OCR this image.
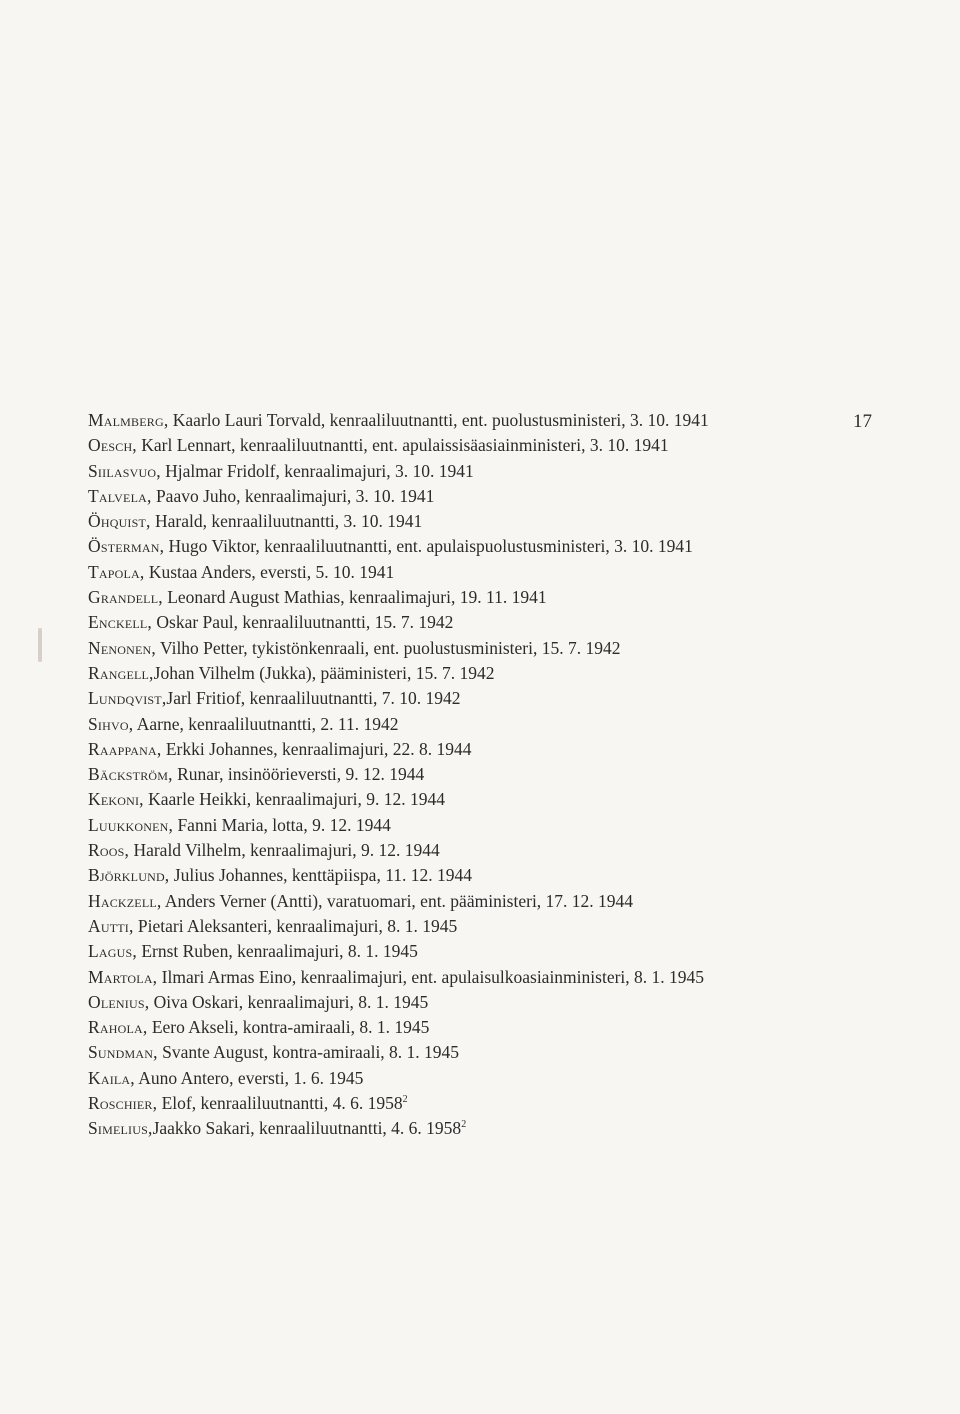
17

Malmberg, Kaarlo Lauri Torvald, kenraaliluutnantti, ent. puolustusministeri, 3. 10. 1941

Oesch, Karl Lennart, kenraaliluutnantti, ent. apulaissisäasiainministeri, 3. 10. 1941

Siilasvuo, Hjalmar Fridolf, kenraalimajuri, 3. 10. 1941

Talvela, Paavo Juho, kenraalimajuri, 3. 10. 1941

Öhquist, Harald, kenraaliluutnantti, 3. 10. 1941

Österman, Hugo Viktor, kenraaliluutnantti, ent. apulaispuolustusministeri, 3. 10. 1941

Tapola, Kustaa Anders, eversti, 5. 10. 1941

Grandell, Leonard August Mathias, kenraalimajuri, 19. 11. 1941

Enckell, Oskar Paul, kenraaliluutnantti, 15. 7. 1942

Nenonen, Vilho Petter, tykistönkenraali, ent. puolustusministeri, 15. 7. 1942

Rangell,Johan Vilhelm (Jukka), pääministeri, 15. 7. 1942

Lundqvist,Jarl Fritiof, kenraaliluutnantti, 7. 10. 1942

Sihvo, Aarne, kenraaliluutnantti, 2. 11. 1942

Raappana, Erkki Johannes, kenraalimajuri, 22. 8. 1944

Bäckström, Runar, insinöörieversti, 9. 12. 1944

Kekoni, Kaarle Heikki, kenraalimajuri, 9. 12. 1944

Luukkonen, Fanni Maria, lotta, 9. 12. 1944

Roos, Harald Vilhelm, kenraalimajuri, 9. 12. 1944

Björklund, Julius Johannes, kenttäpiispa, 11. 12. 1944

Hackzell, Anders Verner (Antti), varatuomari, ent. pääministeri, 17. 12. 1944

Autti, Pietari Aleksanteri, kenraalimajuri, 8. 1. 1945

Lagus, Ernst Ruben, kenraalimajuri, 8. 1. 1945

Martola, Ilmari Armas Eino, kenraalimajuri, ent. apulaisulkoasiainministeri, 8. 1. 1945

Olenius, Oiva Oskari, kenraalimajuri, 8. 1. 1945

Rahola, Eero Akseli, kontra-amiraali, 8. 1. 1945

Sundman, Svante August, kontra-amiraali, 8. 1. 1945

Kaila, Auno Antero, eversti, 1. 6. 1945

Roschier, Elof, kenraaliluutnantti, 4. 6. 1958$^2$

Simelius,Jaakko Sakari, kenraaliluutnantti, 4. 6. 1958$^2$
